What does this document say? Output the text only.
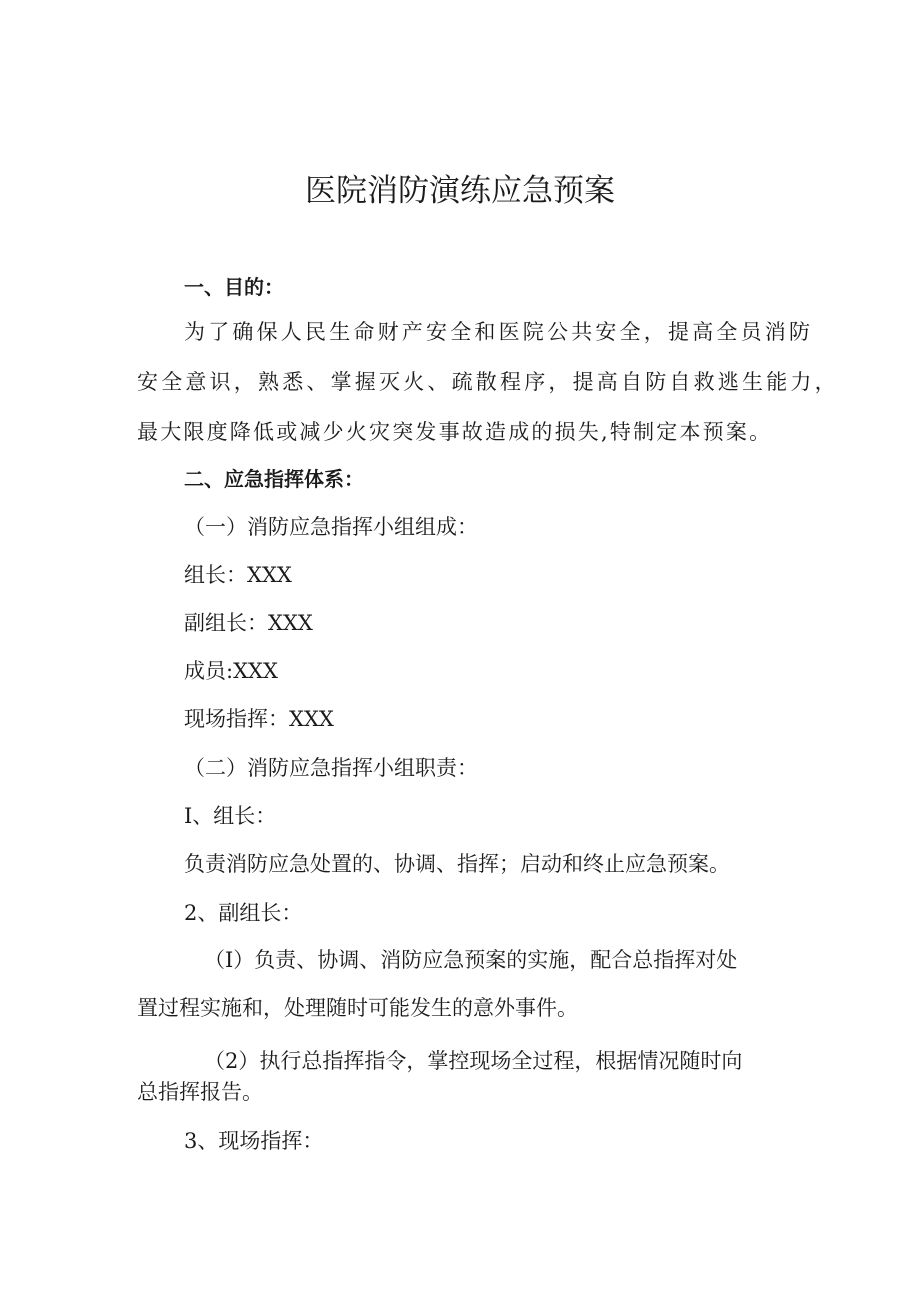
医院消防演练应急预案

一、目的：

为了确保人民生命财产安全和医院公共安全，提高全员消防

安全意识，熟悉、掌握灭火、疏散程序，提高自防自救逃生能力，

最大限度降低或减少火灾突发事故造成的损失,特制定本预案。

二、应急指挥体系：

（一）消防应急指挥小组组成：

组长：XXX

副组长：XXX

成员:XXX

现场指挥：XXX

（二）消防应急指挥小组职责：

I、组长：

负责消防应急处置的、协调、指挥；启动和终止应急预案。

2、副组长：

（I）负责、协调、消防应急预案的实施，配合总指挥对处

置过程实施和，处理随时可能发生的意外事件。

（2）执行总指挥指令，掌控现场全过程，根据情况随时向

总指挥报告。

3、现场指挥：
